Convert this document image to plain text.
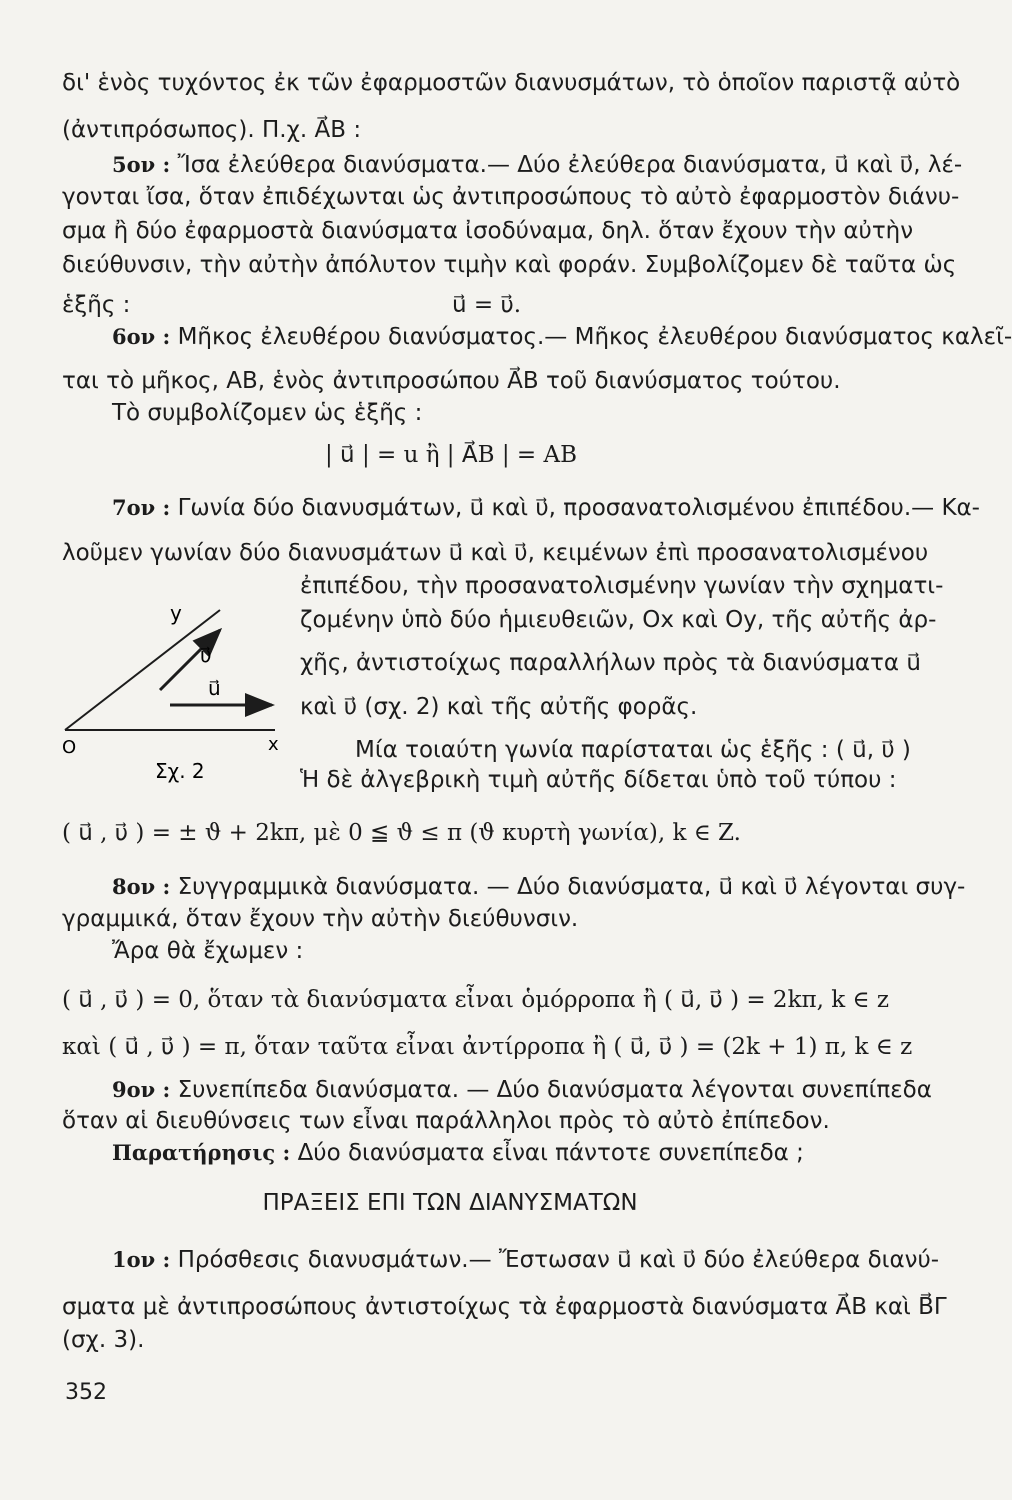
δι' ἑνὸς τυχόντος ἐκ τῶν ἐφαρμοστῶν διανυσμάτων, τὸ ὁποῖον παριστᾷ αὐτὸ
(ἀντιπρόσωπος). Π.χ. A⃗B :
5ον : Ἴσα ἐλεύθερα διανύσματα.— Δύο ἐλεύθερα διανύσματα, u⃗ καὶ υ⃗, λέ-
γονται ἴσα, ὅταν ἐπιδέχωνται ὡς ἀντιπροσώπους τὸ αὐτὸ ἐφαρμοστὸν διάνυ-
σμα ἢ δύο ἐφαρμοστὰ διανύσματα ἰσοδύναμα, δηλ. ὅταν ἔχουν τὴν αὐτὴν
διεύθυνσιν, τὴν αὐτὴν ἀπόλυτον τιμὴν καὶ φοράν. Συμβολίζομεν δὲ ταῦτα ὡς
ἑξῆς :	u⃗ = υ⃗.
6ον : Μῆκος ἐλευθέρου διανύσματος.— Μῆκος ἐλευθέρου διανύσματος καλεῖ-
ται τὸ μῆκος, AB, ἑνὸς ἀντιπροσώπου A⃗B τοῦ διανύσματος τούτου.
Τὸ συμβολίζομεν ὡς ἑξῆς :
| u⃗ | = u ἢ | A⃗B | = AB
7ον : Γωνία δύο διανυσμάτων, u⃗ καὶ υ⃗, προσανατολισμένου ἐπιπέδου.— Κα-
λοῦμεν γωνίαν δύο διανυσμάτων u⃗ καὶ υ⃗, κειμένων ἐπὶ προσανατολισμένου
ἐπιπέδου, τὴν προσανατολισμένην γωνίαν τὴν σχηματι-
ζομένην ὑπὸ δύο ἡμιευθειῶν, Ox καὶ Oy, τῆς αὐτῆς ἀρ-
χῆς, ἀντιστοίχως παραλλήλων πρὸς τὰ διανύσματα u⃗
καὶ υ⃗ (σχ. 2) καὶ τῆς αὐτῆς φορᾶς.
Μία τοιαύτη γωνία παρίσταται ὡς ἑξῆς : ( u⃗, υ⃗ )
Ἡ δὲ ἀλγεβρικὴ τιμὴ αὐτῆς δίδεται ὑπὸ τοῦ τύπου :
y
υ⃗
u⃗
O	x
Σχ. 2
( u⃗ , υ⃗ ) = ± ϑ + 2kπ, μὲ 0 ≦ ϑ ≤ π (ϑ κυρτὴ γωνία), k ∈ Z.
8ον : Συγγραμμικὰ διανύσματα. — Δύο διανύσματα, u⃗ καὶ υ⃗ λέγονται συγ-
γραμμικά, ὅταν ἔχουν τὴν αὐτὴν διεύθυνσιν.
Ἄρα θὰ ἔχωμεν :
( u⃗ , υ⃗ ) = 0, ὅταν τὰ διανύσματα εἶναι ὁμόρροπα ἢ ( u⃗, υ⃗ ) = 2kπ, k ∈ z
καὶ ( u⃗ , υ⃗ ) = π, ὅταν ταῦτα εἶναι ἀντίρροπα ἢ ( u⃗, υ⃗ ) = (2k + 1) π, k ∈ z
9ον : Συνεπίπεδα διανύσματα. — Δύο διανύσματα λέγονται συνεπίπεδα
ὅταν αἱ διευθύνσεις των εἶναι παράλληλοι πρὸς τὸ αὐτὸ ἐπίπεδον.
Παρατήρησις : Δύο διανύσματα εἶναι πάντοτε συνεπίπεδα ;
ΠΡΑΞΕΙΣ ΕΠΙ ΤΩΝ ΔΙΑΝΥΣΜΑΤΩΝ
1ον : Πρόσθεσις διανυσμάτων.— Ἔστωσαν u⃗ καὶ υ⃗ δύο ἐλεύθερα διανύ-
σματα μὲ ἀντιπροσώπους ἀντιστοίχως τὰ ἐφαρμοστὰ διανύσματα A⃗B καὶ B⃗Γ
(σχ. 3).
352
